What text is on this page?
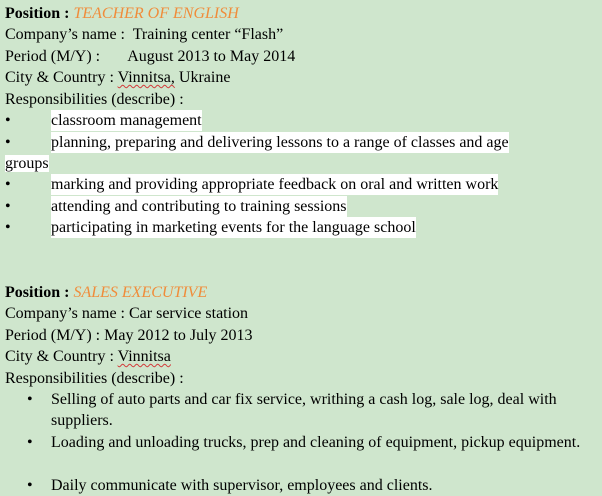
Position : TEACHER OF ENGLISH
Company’s name : Training center “Flash”
Period (M/Y) : August 2013 to May 2014
City & Country : Vinnitsa, Ukraine
Responsibilities (describe) :
•	classroom management
•	planning, preparing and delivering lessons to a range of classes and age
groups
•	marking and providing appropriate feedback on oral and written work
•	attending and contributing to training sessions
•	participating in marketing events for the language school
Position : SALES EXECUTIVE
Company’s name : Car service station
Period (M/Y) : May 2012 to July 2013
City & Country : Vinnitsa
Responsibilities (describe) :
• Selling of auto parts and car fix service, writhing a cash log, sale log, deal with suppliers.
• Loading and unloading trucks, prep and cleaning of equipment, pickup equipment.
• Daily communicate with supervisor, employees and clients.
